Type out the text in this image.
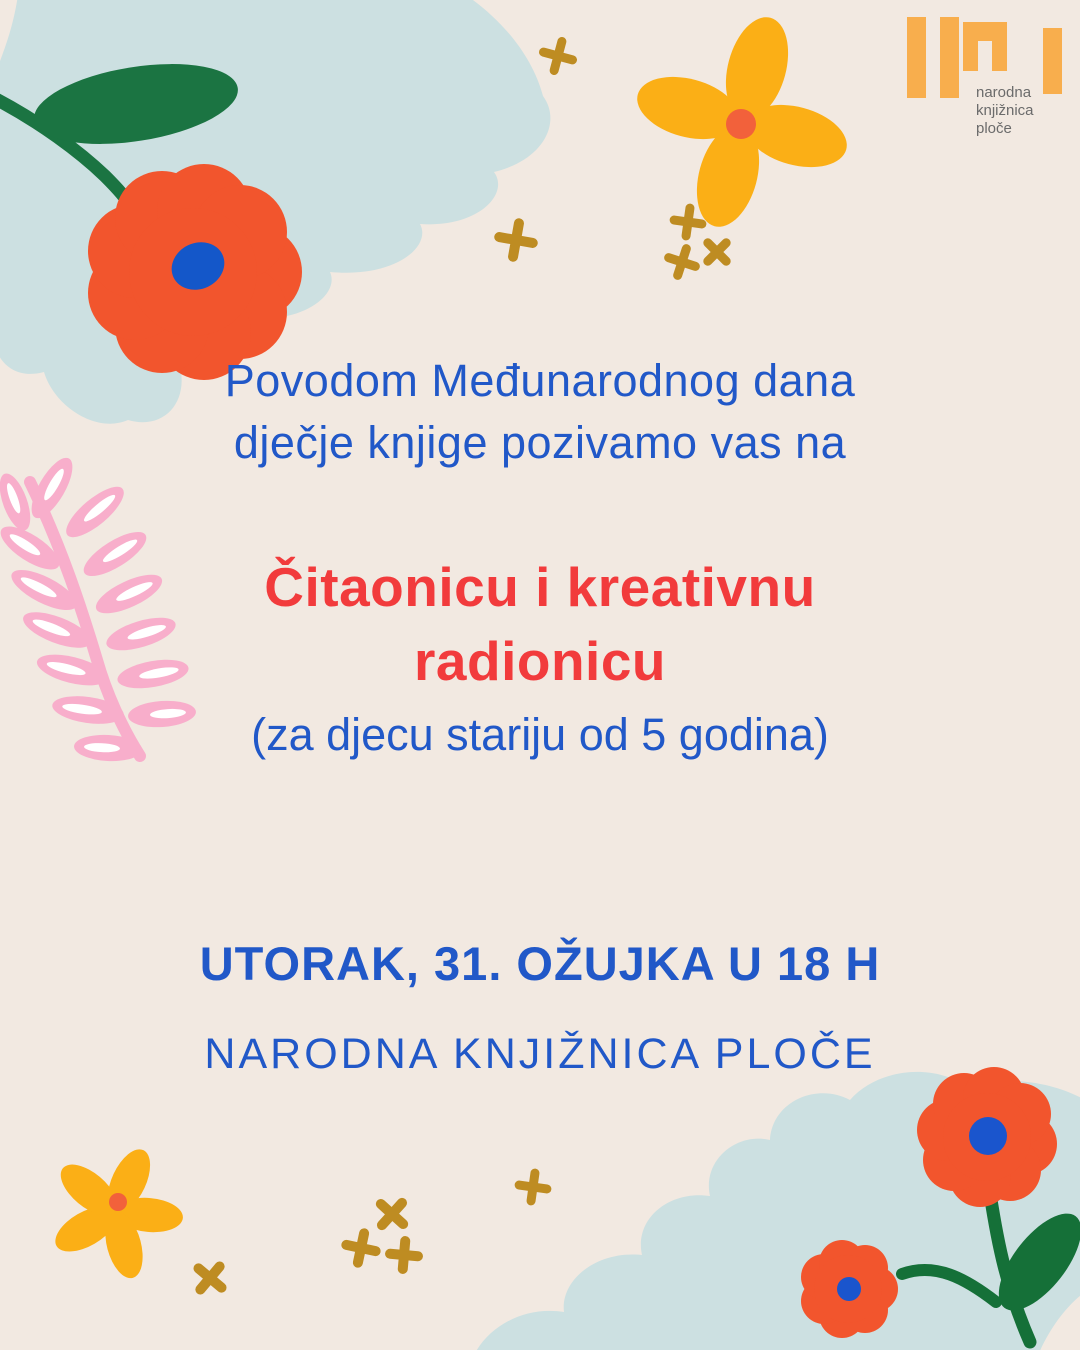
narodna
knjižnica
ploče
Povodom Međunarodnog dana
dječje knjige pozivamo vas na
Čitaonicu i kreativnu
radionicu
(za djecu stariju od 5 godina)
UTORAK, 31. OŽUJKA U 18 H
NARODNA KNJIŽNICA PLOČE
